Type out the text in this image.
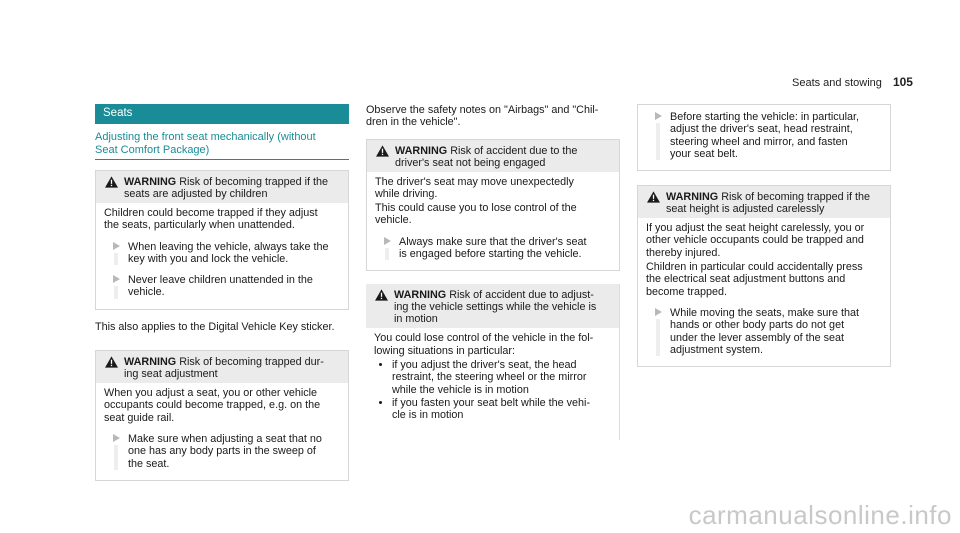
Seats and stowing 105
Seats
Adjusting the front seat mechanically (without
Seat Comfort Package)
WARNING Risk of becoming trapped if the
seats are adjusted by children

Children could become trapped if they adjust
the seats, particularly when unattended.

When leaving the vehicle, always take the
key with you and lock the vehicle.
Never leave children unattended in the
vehicle.
This also applies to the Digital Vehicle Key sticker.
WARNING Risk of becoming trapped dur-
ing seat adjustment

When you adjust a seat, you or other vehicle
occupants could become trapped, e.g. on the
seat guide rail.

Make sure when adjusting a seat that no
one has any body parts in the sweep of
the seat.
Observe the safety notes on "Airbags" and "Chil-
dren in the vehicle".
WARNING Risk of accident due to the
driver's seat not being engaged

The driver's seat may move unexpectedly
while driving.

This could cause you to lose control of the
vehicle.

Always make sure that the driver's seat
is engaged before starting the vehicle.
WARNING Risk of accident due to adjust-
ing the vehicle settings while the vehicle is
in motion

You could lose control of the vehicle in the fol-
lowing situations in particular:

• if you adjust the driver's seat, the head
restraint, the steering wheel or the mirror
while the vehicle is in motion
• if you fasten your seat belt while the vehi-
cle is in motion
Before starting the vehicle: in particular,
adjust the driver's seat, head restraint,
steering wheel and mirror, and fasten
your seat belt.
WARNING Risk of becoming trapped if the
seat height is adjusted carelessly

If you adjust the seat height carelessly, you or
other vehicle occupants could be trapped and
thereby injured.

Children in particular could accidentally press
the electrical seat adjustment buttons and
become trapped.

While moving the seats, make sure that
hands or other body parts do not get
under the lever assembly of the seat
adjustment system.
carmanualsonline.info
